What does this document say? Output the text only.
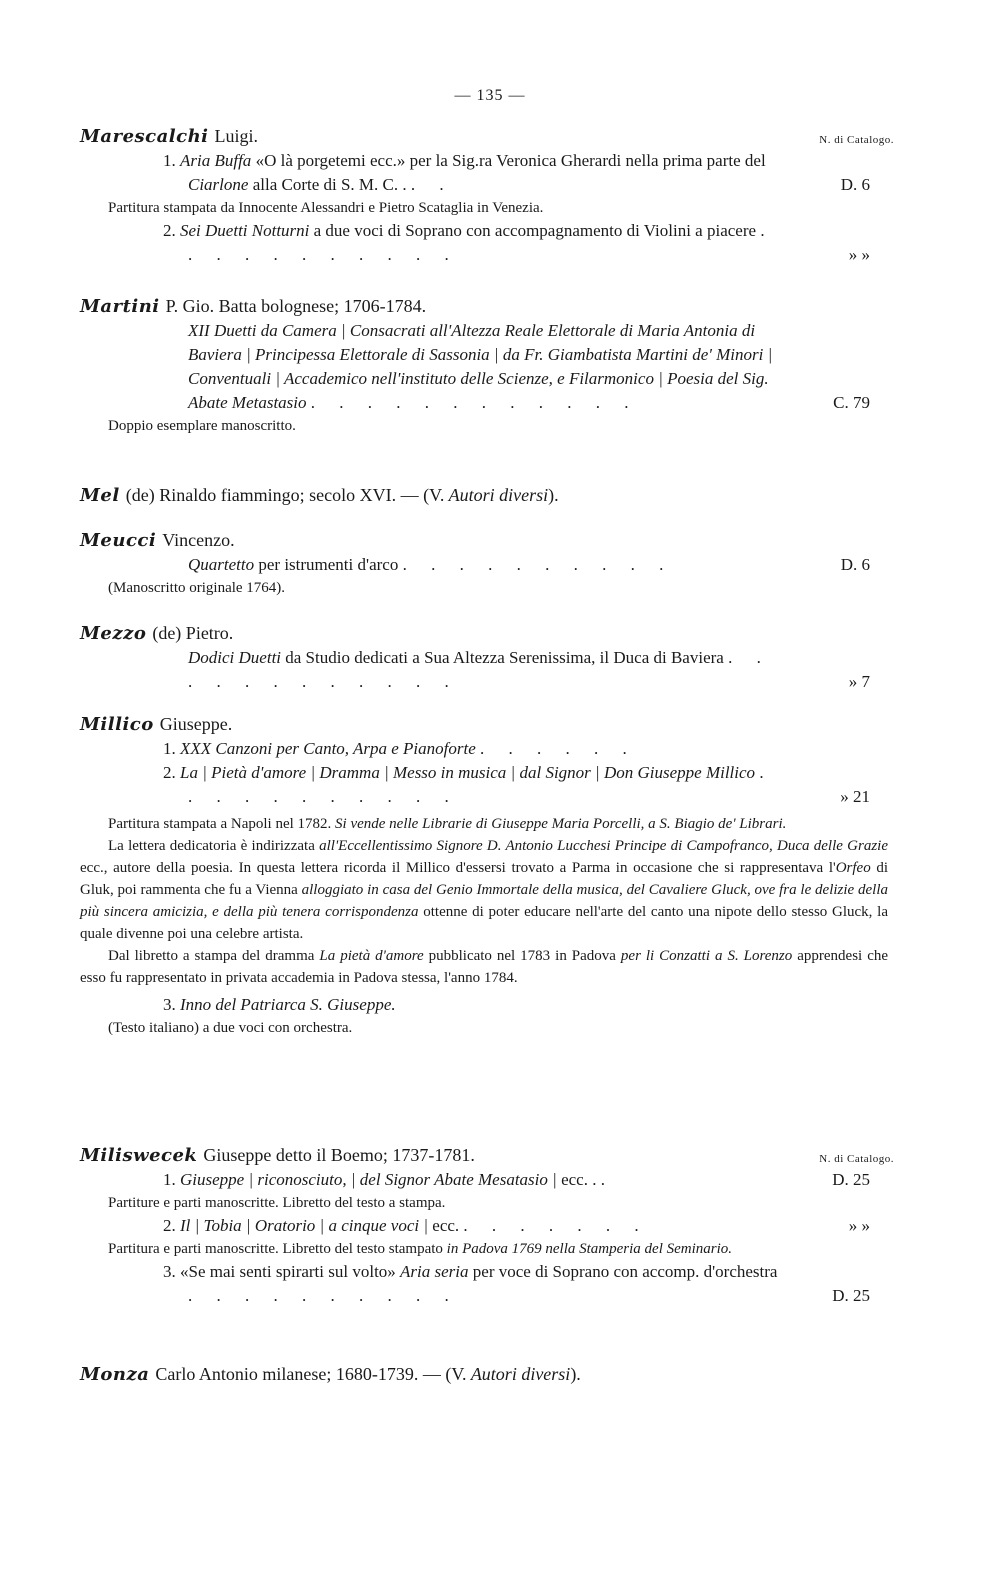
— 135 —
Marescalchi Luigi.	N. di Catalogo.
1. Aria Buffa «O là porgetemi ecc.» per la Sig.ra Veronica Gherardi nella prima parte del Ciarlone alla Corte di S. M. C. . . .	D. 6
Partitura stampata da Innocente Alessandri e Pietro Scataglia in Venezia.
2. Sei Duetti Notturni a due voci di Soprano con accompagnamento di Violini a piacere . . . . . . . . . . .	» »
Martini P. Gio. Batta bolognese; 1706-1784.
XII Duetti da Camera | Consacrati all'Altezza Reale Elettorale di Maria Antonia di Baviera | Principessa Elettorale di Sassonia | da Fr. Giambatista Martini de' Minori | Conventuali | Accademico nell'instituto delle Scienze, e Filarmonico | Poesia del Sig. Abate Metastasio . . . . . . . . . . . .	C. 79
Doppio esemplare manoscritto.
Mel (de) Rinaldo fiammingo; secolo XVI. — (V. Autori diversi).
Meucci Vincenzo.
Quartetto per istrumenti d'arco . . . . . . . . . .	D. 6
(Manoscritto originale 1764).
Mezzo (de) Pietro.
Dodici Duetti da Studio dedicati a Sua Altezza Serenissima, il Duca di Baviera . . . . . . . . . . . .	» 7
Millico Giuseppe.
1. XXX Canzoni per Canto, Arpa e Pianoforte . . . . . .
2. La | Pietà d'amore | Dramma | Messo in musica | dal Signor | Don Giuseppe Millico . . . . . . . . . . .	» 21
Partitura stampata a Napoli nel 1782. Si vende nelle Librarie di Giuseppe Maria Porcelli, a S. Biagio de' Librari.
La lettera dedicatoria è indirizzata all'Eccellentissimo Signore D. Antonio Lucchesi Principe di Campofranco, Duca delle Grazie ecc., autore della poesia. In questa lettera ricorda il Millico d'essersi trovato a Parma in occasione che si rappresentava l'Orfeo di Gluk, poi rammenta che fu a Vienna alloggiato in casa del Genio Immortale della musica, del Cavaliere Gluck, ove fra le delizie della più sincera amicizia, e della più tenera corrispondenza ottenne di poter educare nell'arte del canto una nipote dello stesso Gluck, la quale divenne poi una celebre artista.
Dal libretto a stampa del dramma La pietà d'amore pubblicato nel 1783 in Padova per li Conzatti a S. Lorenzo apprendesi che esso fu rappresentato in privata accademia in Padova stessa, l'anno 1784.
3. Inno del Patriarca S. Giuseppe.
(Testo italiano) a due voci con orchestra.
Miliswecek Giuseppe detto il Boemo; 1737-1781.	N. di Catalogo.
1. Giuseppe | riconosciuto, | del Signor Abate Mesatasio | ecc. . .	D. 25
Partiture e parti manoscritte. Libretto del testo a stampa.
2. Il | Tobia | Oratorio | a cinque voci | ecc. . . . . . . .	» »
Partitura e parti manoscritte. Libretto del testo stampato in Padova 1769 nella Stamperia del Seminario.
3. «Se mai senti spirarti sul volto» Aria seria per voce di Soprano con accomp. d'orchestra . . . . . . . . . .	D. 25
Monza Carlo Antonio milanese; 1680-1739. — (V. Autori diversi).
